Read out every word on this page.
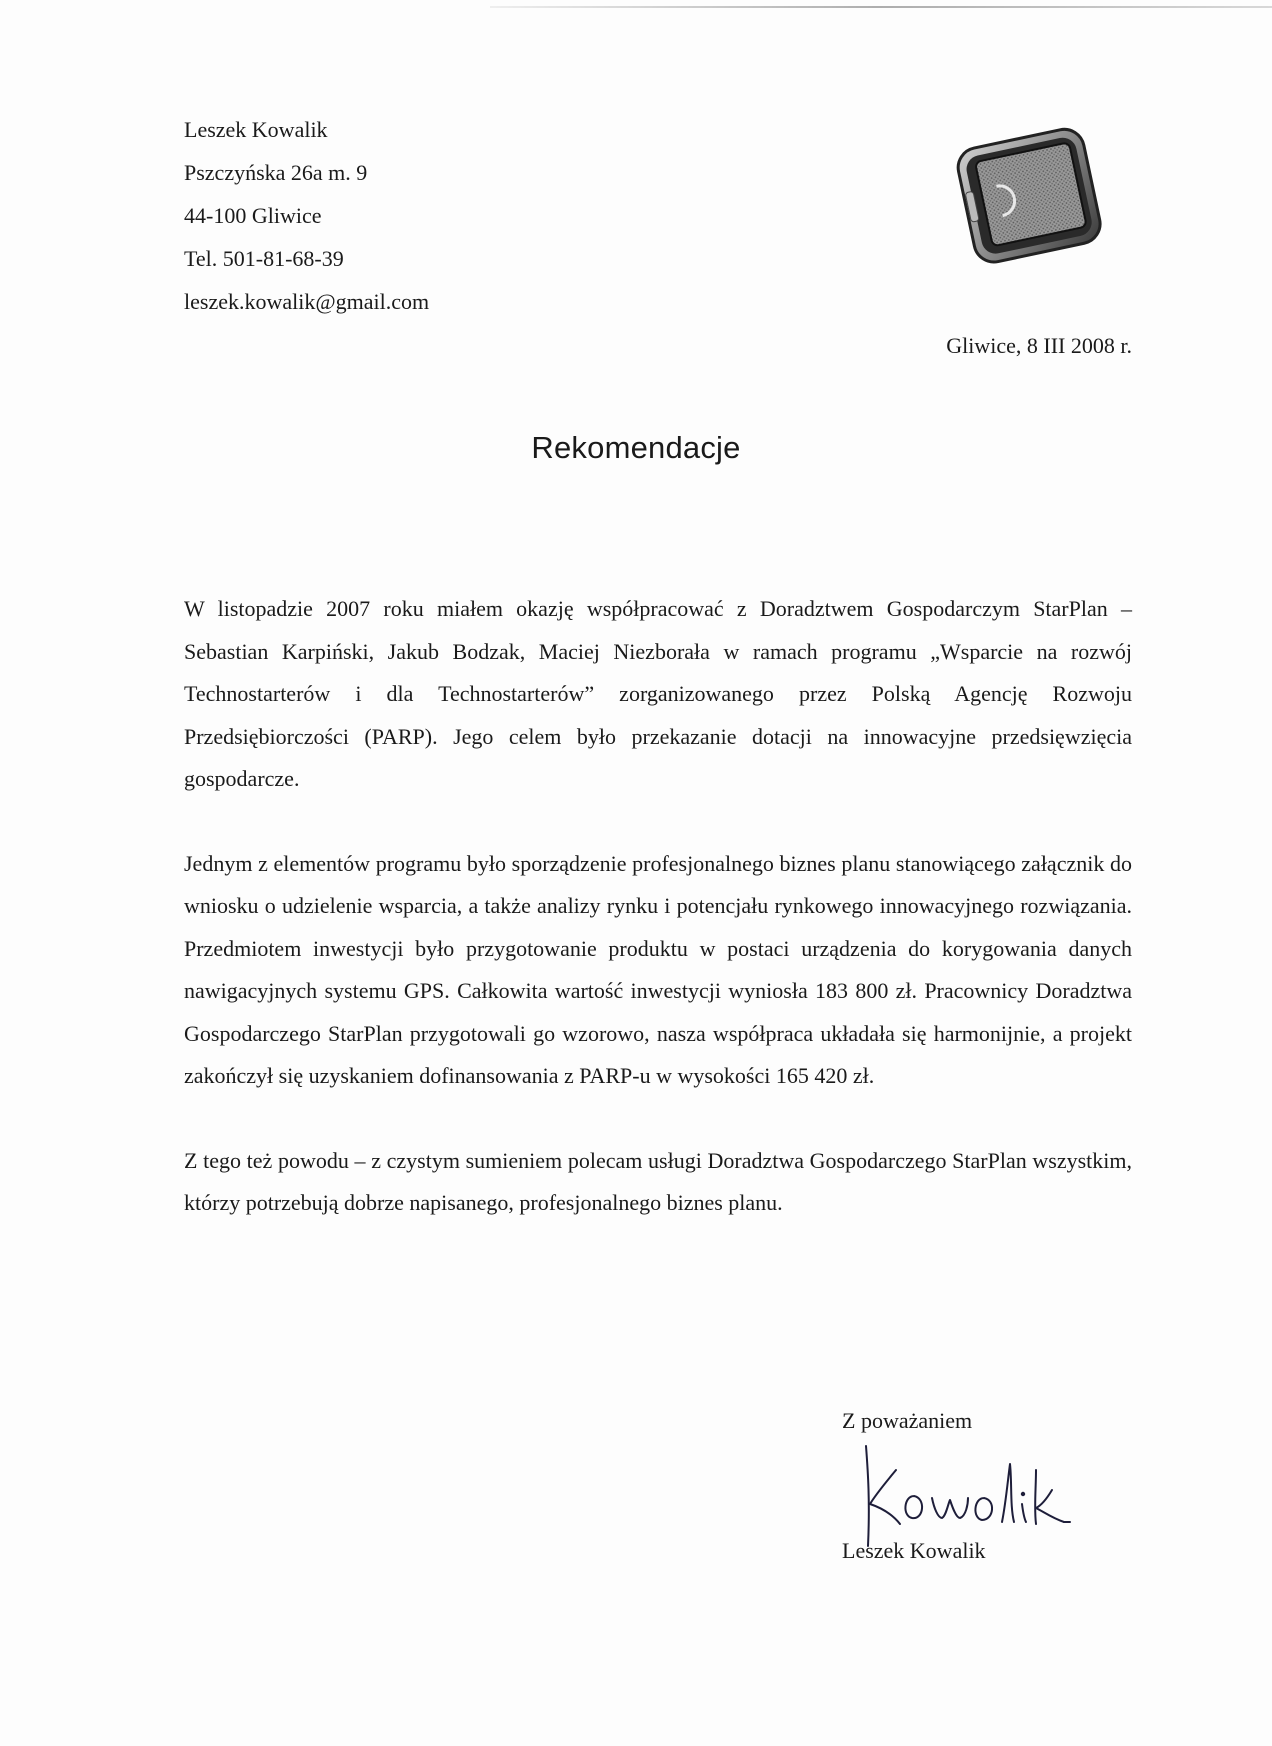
Leszek Kowalik
Pszczyńska 26a m. 9
44-100 Gliwice
Tel. 501-81-68-39
leszek.kowalik@gmail.com
Gliwice, 8 III 2008 r.
Rekomendacje

W listopadzie 2007 roku miałem okazję współpracować z Doradztwem Gospodarczym StarPlan – Sebastian Karpiński, Jakub Bodzak, Maciej Niezborała w ramach programu „Wsparcie na rozwój Technostarterów i dla Technostarterów” zorganizowanego przez Polską Agencję Rozwoju Przedsiębiorczości (PARP). Jego celem było przekazanie dotacji na innowacyjne przedsięwzięcia gospodarcze.

Jednym z elementów programu było sporządzenie profesjonalnego biznes planu stanowiącego załącznik do wniosku o udzielenie wsparcia, a także analizy rynku i potencjału rynkowego innowacyjnego rozwiązania. Przedmiotem inwestycji było przygotowanie produktu w postaci urządzenia do korygowania danych nawigacyjnych systemu GPS. Całkowita wartość inwestycji wyniosła 183 800 zł. Pracownicy Doradztwa Gospodarczego StarPlan przygotowali go wzorowo, nasza współpraca układała się harmonijnie, a projekt zakończył się uzyskaniem dofinansowania z PARP-u w wysokości 165 420 zł.

Z tego też powodu – z czystym sumieniem polecam usługi Doradztwa Gospodarczego StarPlan wszystkim, którzy potrzebują dobrze napisanego, profesjonalnego biznes planu.

Z poważaniem
Leszek Kowalik
